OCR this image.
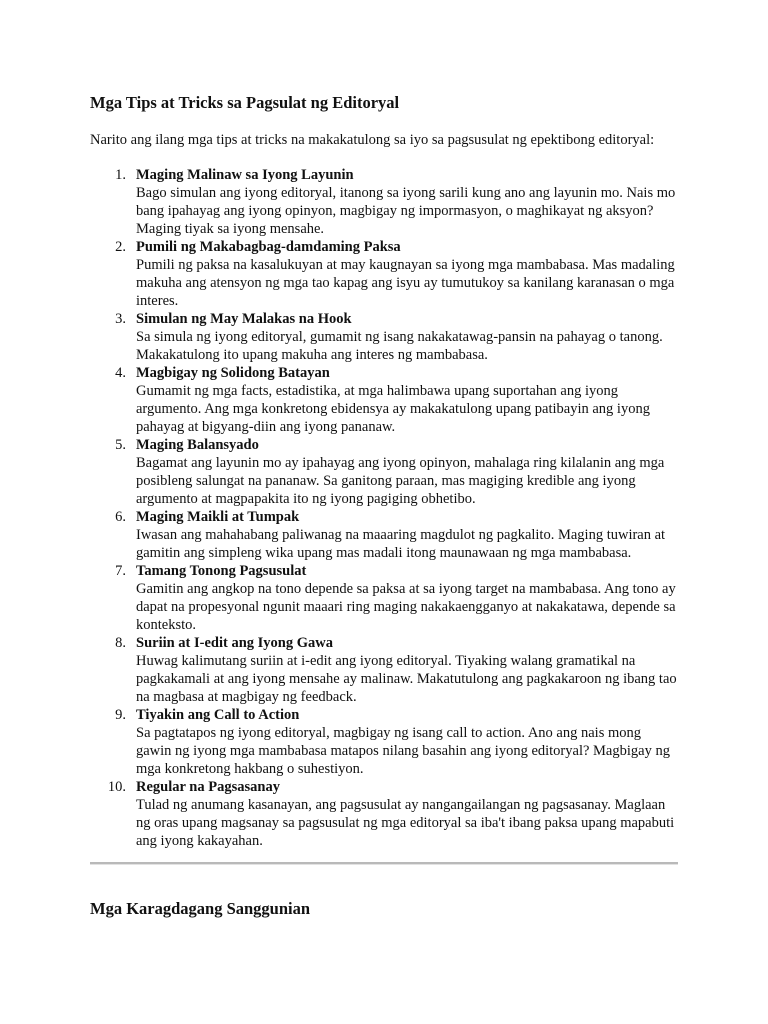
Mga Tips at Tricks sa Pagsulat ng Editoryal

Narito ang ilang mga tips at tricks na makakatulong sa iyo sa pagsusulat ng epektibong editoryal:

1. Maging Malinaw sa Iyong Layunin
Bago simulan ang iyong editoryal, itanong sa iyong sarili kung ano ang layunin mo. Nais mo bang ipahayag ang iyong opinyon, magbigay ng impormasyon, o maghikayat ng aksyon? Maging tiyak sa iyong mensahe.
2. Pumili ng Makabagbag-damdaming Paksa
Pumili ng paksa na kasalukuyan at may kaugnayan sa iyong mga mambabasa. Mas madaling makuha ang atensyon ng mga tao kapag ang isyu ay tumutukoy sa kanilang karanasan o mga interes.
3. Simulan ng May Malakas na Hook
Sa simula ng iyong editoryal, gumamit ng isang nakakatawag-pansin na pahayag o tanong. Makakatulong ito upang makuha ang interes ng mambabasa.
4. Magbigay ng Solidong Batayan
Gumamit ng mga facts, estadistika, at mga halimbawa upang suportahan ang iyong argumento. Ang mga konkretong ebidensya ay makakatulong upang patibayin ang iyong pahayag at bigyang-diin ang iyong pananaw.
5. Maging Balansyado
Bagamat ang layunin mo ay ipahayag ang iyong opinyon, mahalaga ring kilalanin ang mga posibleng salungat na pananaw. Sa ganitong paraan, mas magiging kredible ang iyong argumento at magpapakita ito ng iyong pagiging obhetibo.
6. Maging Maikli at Tumpak
Iwasan ang mahahabang paliwanag na maaaring magdulot ng pagkalito. Maging tuwiran at gamitin ang simpleng wika upang mas madali itong maunawaan ng mga mambabasa.
7. Tamang Tonong Pagsusulat
Gamitin ang angkop na tono depende sa paksa at sa iyong target na mambabasa. Ang tono ay dapat na propesyonal ngunit maaari ring maging nakakaengganyo at nakakatawa, depende sa konteksto.
8. Suriin at I-edit ang Iyong Gawa
Huwag kalimutang suriin at i-edit ang iyong editoryal. Tiyaking walang gramatikal na pagkakamali at ang iyong mensahe ay malinaw. Makatutulong ang pagkakaroon ng ibang tao na magbasa at magbigay ng feedback.
9. Tiyakin ang Call to Action
Sa pagtatapos ng iyong editoryal, magbigay ng isang call to action. Ano ang nais mong gawin ng iyong mga mambabasa matapos nilang basahin ang iyong editoryal? Magbigay ng mga konkretong hakbang o suhestiyon.
10. Regular na Pagsasanay
Tulad ng anumang kasanayan, ang pagsusulat ay nangangailangan ng pagsasanay. Maglaan ng oras upang magsanay sa pagsusulat ng mga editoryal sa iba't ibang paksa upang mapabuti ang iyong kakayahan.
Mga Karagdagang Sanggunian
